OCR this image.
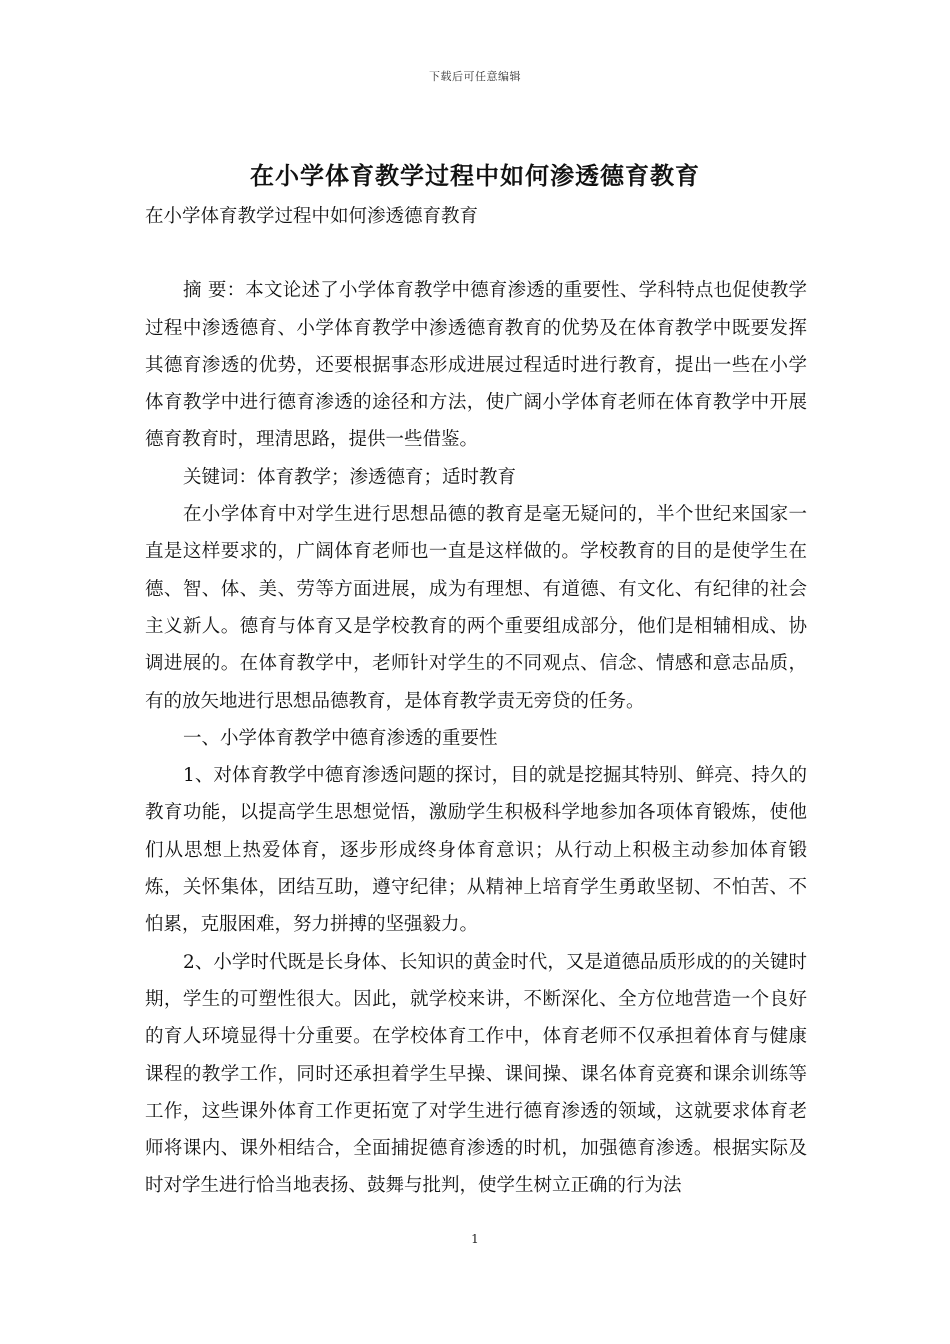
下载后可任意编辑
在小学体育教学过程中如何渗透德育教育

在小学体育教学过程中如何渗透德育教育

摘 要：本文论述了小学体育教学中德育渗透的重要性、学科特点也促使教学过程中渗透德育、小学体育教学中渗透德育教育的优势及在体育教学中既要发挥其德育渗透的优势，还要根据事态形成进展过程适时进行教育，提出一些在小学体育教学中进行德育渗透的途径和方法，使广阔小学体育老师在体育教学中开展德育教育时，理清思路，提供一些借鉴。

关键词：体育教学；渗透德育；适时教育

在小学体育中对学生进行思想品德的教育是毫无疑问的，半个世纪来国家一直是这样要求的，广阔体育老师也一直是这样做的。学校教育的目的是使学生在德、智、体、美、劳等方面进展，成为有理想、有道德、有文化、有纪律的社会主义新人。德育与体育又是学校教育的两个重要组成部分，他们是相辅相成、协调进展的。在体育教学中，老师针对学生的不同观点、信念、情感和意志品质，有的放矢地进行思想品德教育，是体育教学责无旁贷的任务。

一、小学体育教学中德育渗透的重要性

1、对体育教学中德育渗透问题的探讨，目的就是挖掘其特别、鲜亮、持久的教育功能，以提高学生思想觉悟，激励学生积极科学地参加各项体育锻炼，使他们从思想上热爱体育，逐步形成终身体育意识；从行动上积极主动参加体育锻炼，关怀集体，团结互助，遵守纪律；从精神上培育学生勇敢坚韧、不怕苦、不怕累，克服困难，努力拼搏的坚强毅力。

2、小学时代既是长身体、长知识的黄金时代，又是道德品质形成的的关键时期，学生的可塑性很大。因此，就学校来讲，不断深化、全方位地营造一个良好的育人环境显得十分重要。在学校体育工作中，体育老师不仅承担着体育与健康课程的教学工作，同时还承担着学生早操、课间操、课名体育竞赛和课余训练等工作，这些课外体育工作更拓宽了对学生进行德育渗透的领域，这就要求体育老师将课内、课外相结合，全面捕捉德育渗透的时机，加强德育渗透。根据实际及时对学生进行恰当地表扬、鼓舞与批判，使学生树立正确的行为法

1
